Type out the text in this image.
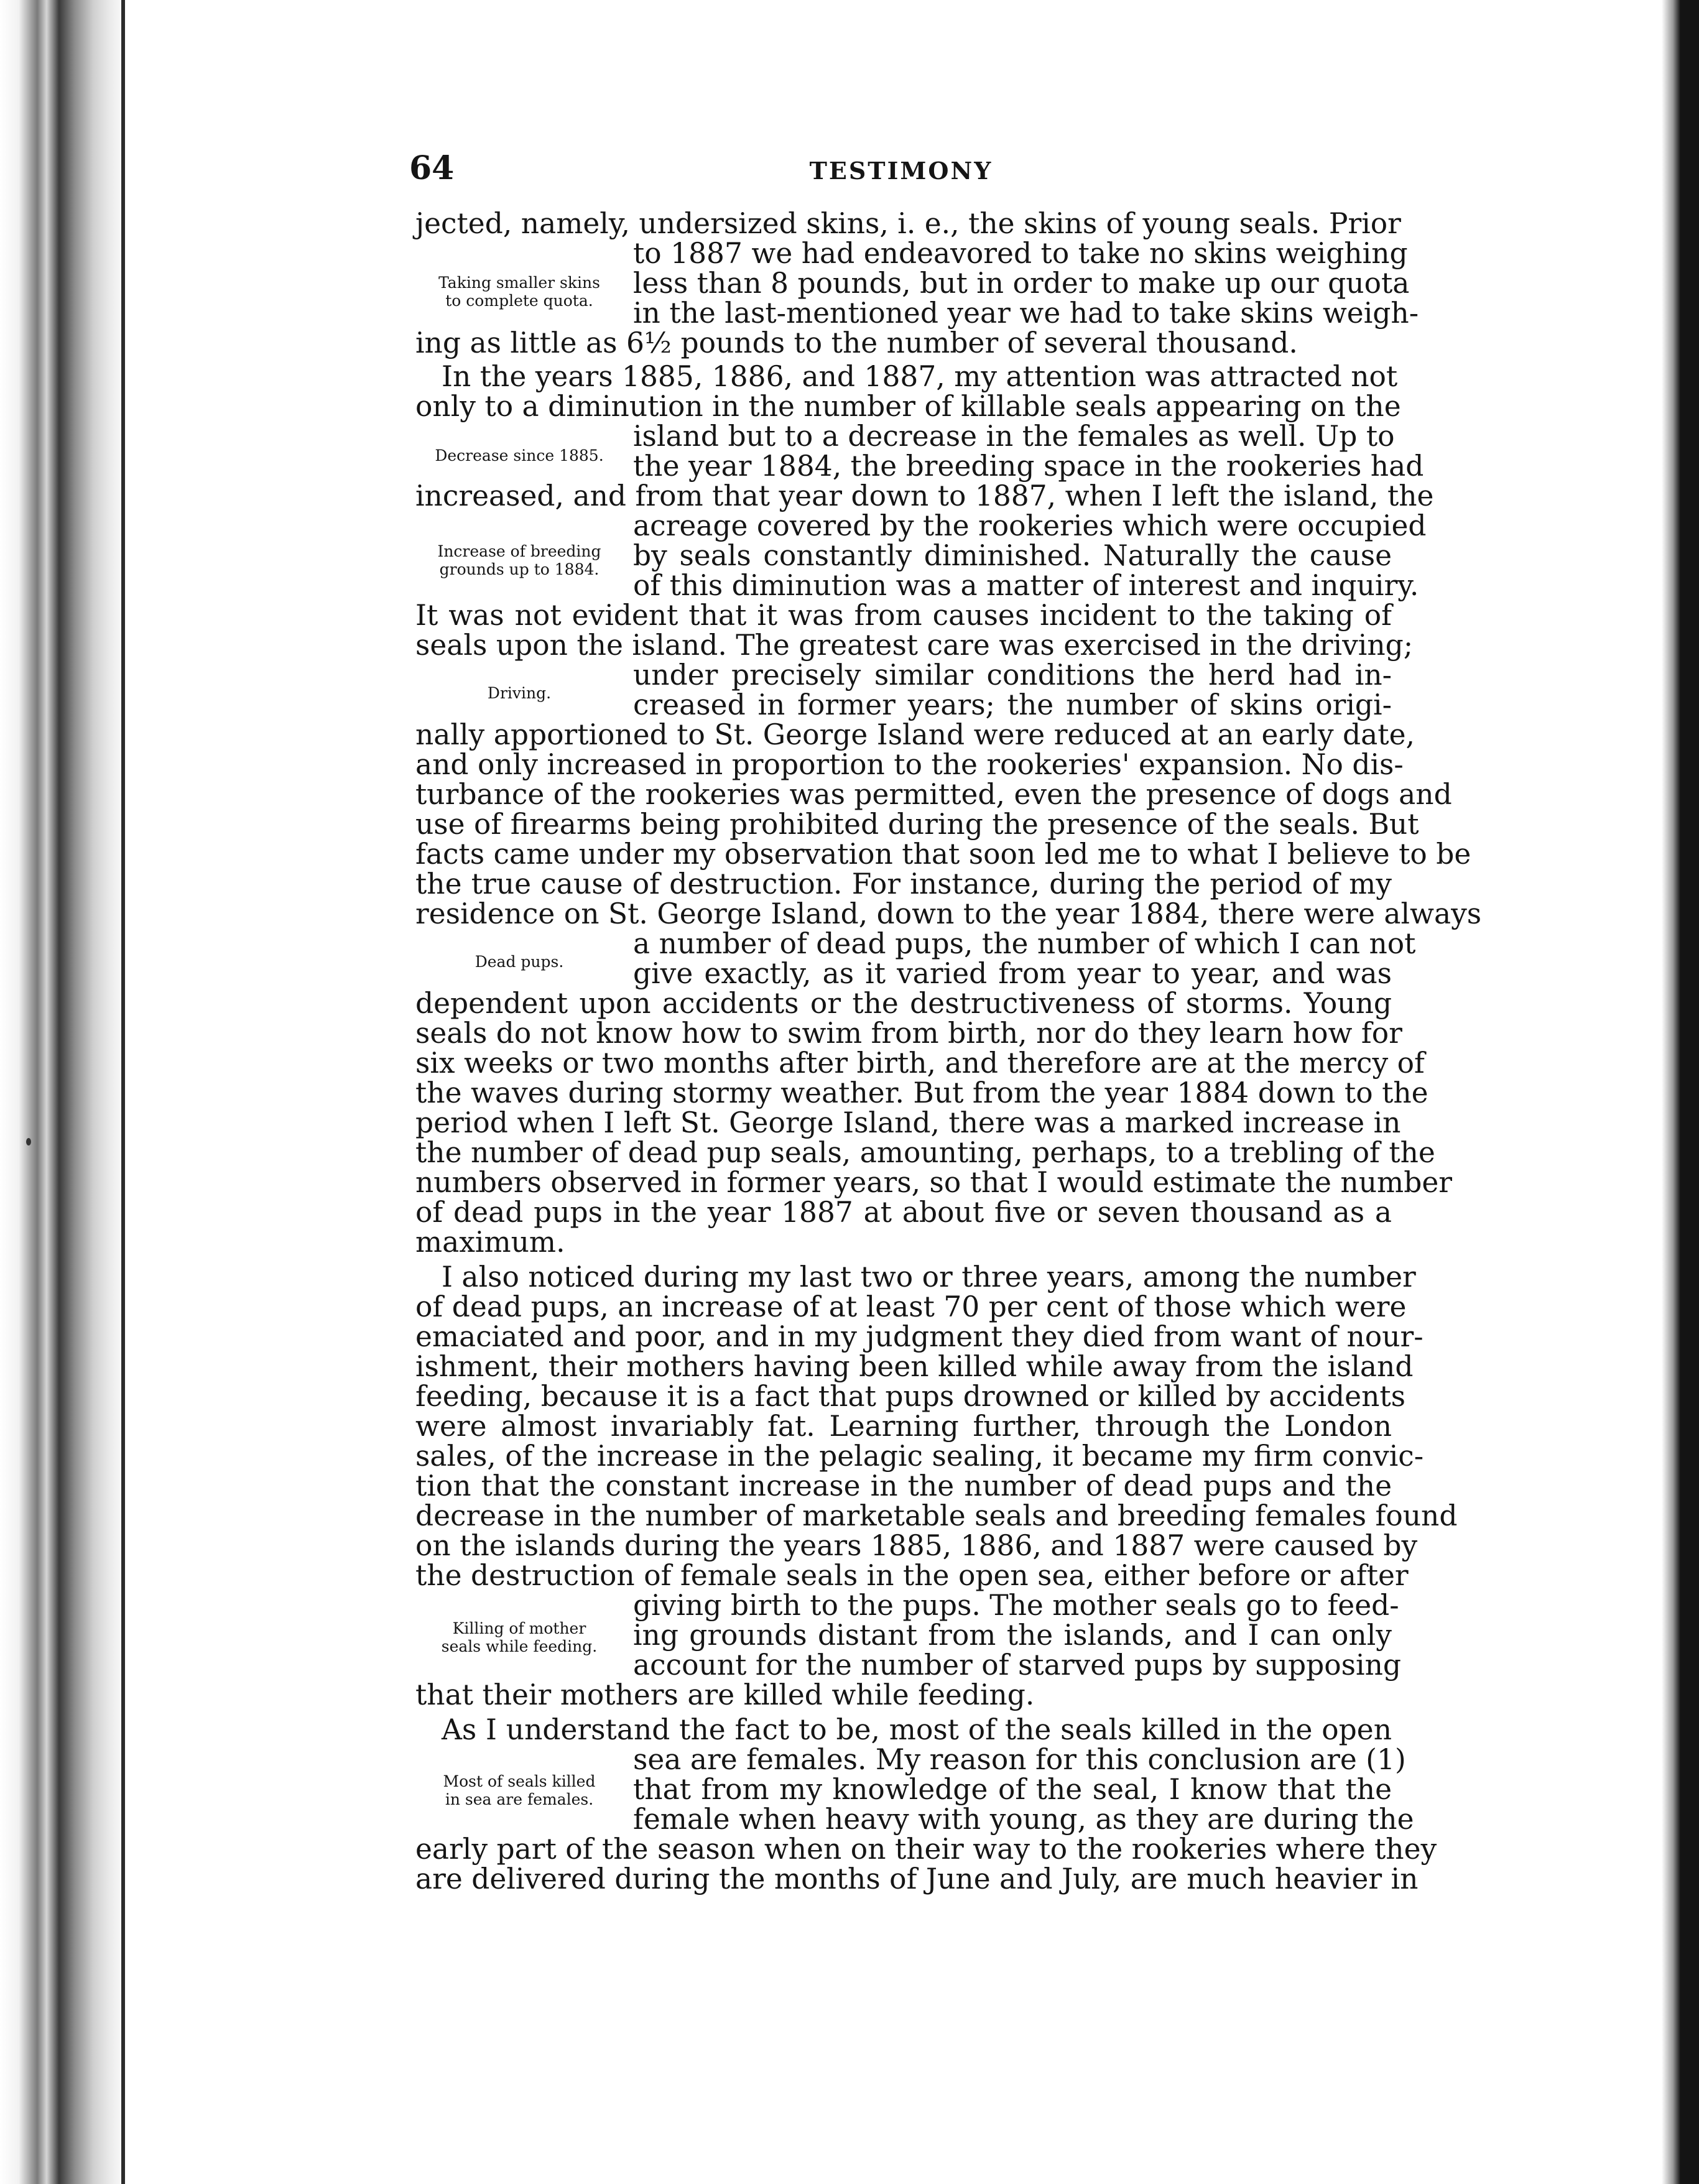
64	TESTIMONY
jected, namely, undersized skins, i. e., the skins of young seals. Prior
to 1887 we had endeavored to take no skins weighing
less than 8 pounds, but in order to make up our quota
in the last-mentioned year we had to take skins weigh-
ing as little as 6½ pounds to the number of several thousand.
In the years 1885, 1886, and 1887, my attention was attracted not
only to a diminution in the number of killable seals appearing on the
island but to a decrease in the females as well. Up to
the year 1884, the breeding space in the rookeries had
increased, and from that year down to 1887, when I left the island, the
acreage covered by the rookeries which were occupied
by seals constantly diminished. Naturally the cause
of this diminution was a matter of interest and inquiry.
It was not evident that it was from causes incident to the taking of
seals upon the island. The greatest care was exercised in the driving;
under precisely similar conditions the herd had in-
creased in former years; the number of skins origi-
nally apportioned to St. George Island were reduced at an early date,
and only increased in proportion to the rookeries' expansion. No dis-
turbance of the rookeries was permitted, even the presence of dogs and
use of firearms being prohibited during the presence of the seals. But
facts came under my observation that soon led me to what I believe to be
the true cause of destruction. For instance, during the period of my
residence on St. George Island, down to the year 1884, there were always
a number of dead pups, the number of which I can not
give exactly, as it varied from year to year, and was
dependent upon accidents or the destructiveness of storms. Young
seals do not know how to swim from birth, nor do they learn how for
six weeks or two months after birth, and therefore are at the mercy of
the waves during stormy weather. But from the year 1884 down to the
period when I left St. George Island, there was a marked increase in
the number of dead pup seals, amounting, perhaps, to a trebling of the
numbers observed in former years, so that I would estimate the number
of dead pups in the year 1887 at about five or seven thousand as a
maximum.
I also noticed during my last two or three years, among the number
of dead pups, an increase of at least 70 per cent of those which were
emaciated and poor, and in my judgment they died from want of nour-
ishment, their mothers having been killed while away from the island
feeding, because it is a fact that pups drowned or killed by accidents
were almost invariably fat. Learning further, through the London
sales, of the increase in the pelagic sealing, it became my firm convic-
tion that the constant increase in the number of dead pups and the
decrease in the number of marketable seals and breeding females found
on the islands during the years 1885, 1886, and 1887 were caused by
the destruction of female seals in the open sea, either before or after
giving birth to the pups. The mother seals go to feed-
ing grounds distant from the islands, and I can only
account for the number of starved pups by supposing
that their mothers are killed while feeding.
As I understand the fact to be, most of the seals killed in the open
sea are females. My reason for this conclusion are (1)
that from my knowledge of the seal, I know that the
female when heavy with young, as they are during the
early part of the season when on their way to the rookeries where they
are delivered during the months of June and July, are much heavier in
Taking smaller skins
to complete quota.
Decrease since 1885.
Increase of breeding
grounds up to 1884.
Driving.
Dead pups.
Killing of mother
seals while feeding.
Most of seals killed
in sea are females.
